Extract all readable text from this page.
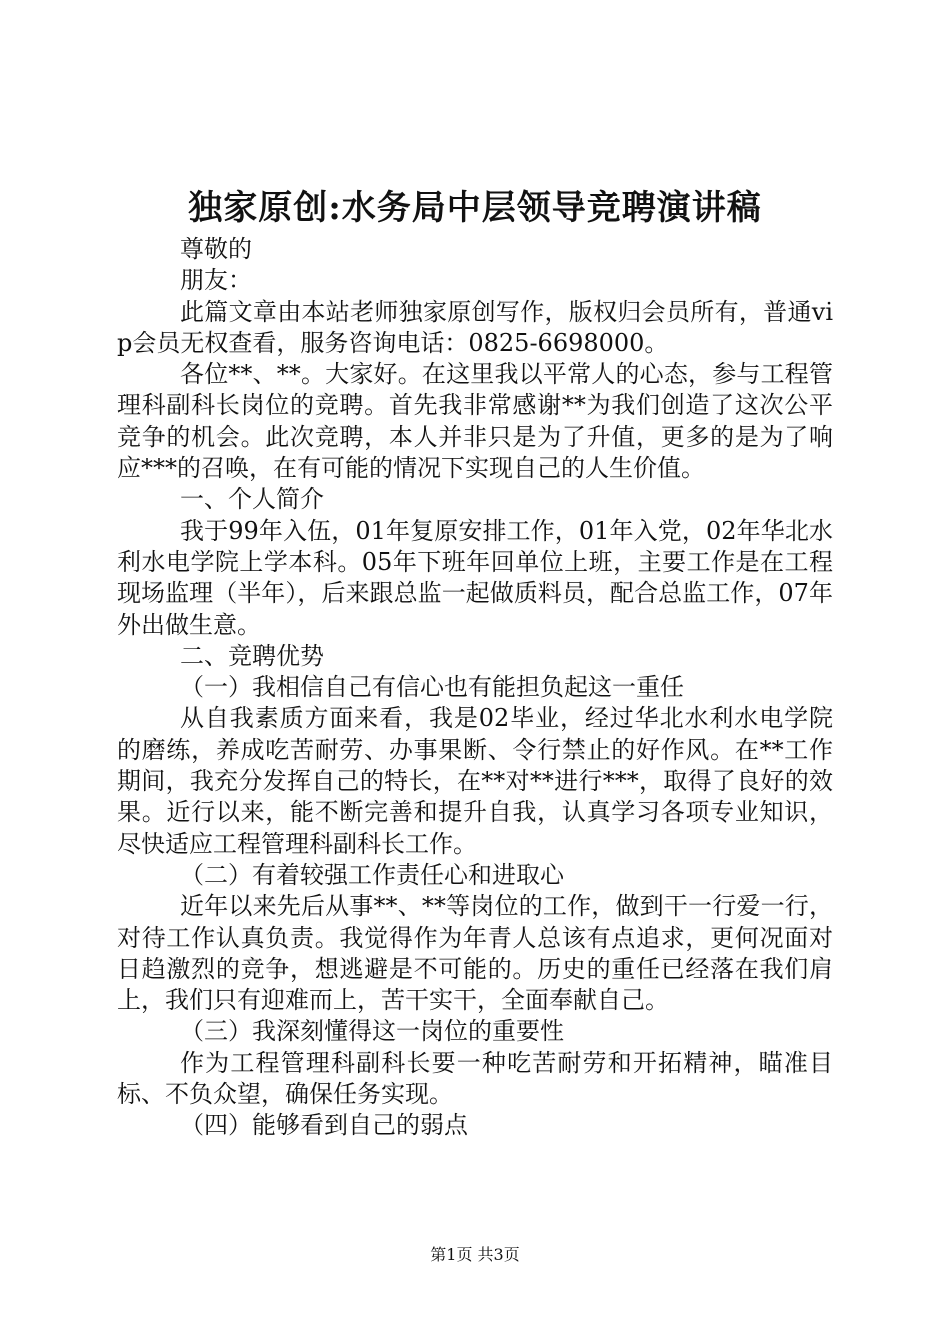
独家原创:水务局中层领导竞聘演讲稿

尊敬的

朋友：

此篇文章由本站老师独家原创写作，版权归会员所有，普通vip会员无权查看，服务咨询电话：0825-6698000。

各位**、**。大家好。在这里我以平常人的心态，参与工程管理科副科长岗位的竞聘。首先我非常感谢**为我们创造了这次公平竞争的机会。此次竞聘，本人并非只是为了升值，更多的是为了响应***的召唤，在有可能的情况下实现自己的人生价值。

一、个人简介

我于99年入伍，01年复原安排工作，01年入党，02年华北水利水电学院上学本科。05年下班年回单位上班，主要工作是在工程现场监理（半年），后来跟总监一起做质料员，配合总监工作，07年外出做生意。

二、竞聘优势

（一）我相信自己有信心也有能担负起这一重任

从自我素质方面来看，我是02毕业，经过华北水利水电学院的磨练，养成吃苦耐劳、办事果断、令行禁止的好作风。在**工作期间，我充分发挥自己的特长，在**对**进行***，取得了良好的效果。近行以来，能不断完善和提升自我，认真学习各项专业知识，尽快适应工程管理科副科长工作。

（二）有着较强工作责任心和进取心

近年以来先后从事**、**等岗位的工作，做到干一行爱一行，对待工作认真负责。我觉得作为年青人总该有点追求，更何况面对日趋激烈的竞争，想逃避是不可能的。历史的重任已经落在我们肩上，我们只有迎难而上，苦干实干，全面奉献自己。

（三）我深刻懂得这一岗位的重要性

作为工程管理科副科长要一种吃苦耐劳和开拓精神，瞄准目标、不负众望，确保任务实现。

（四）能够看到自己的弱点

第1页 共3页
